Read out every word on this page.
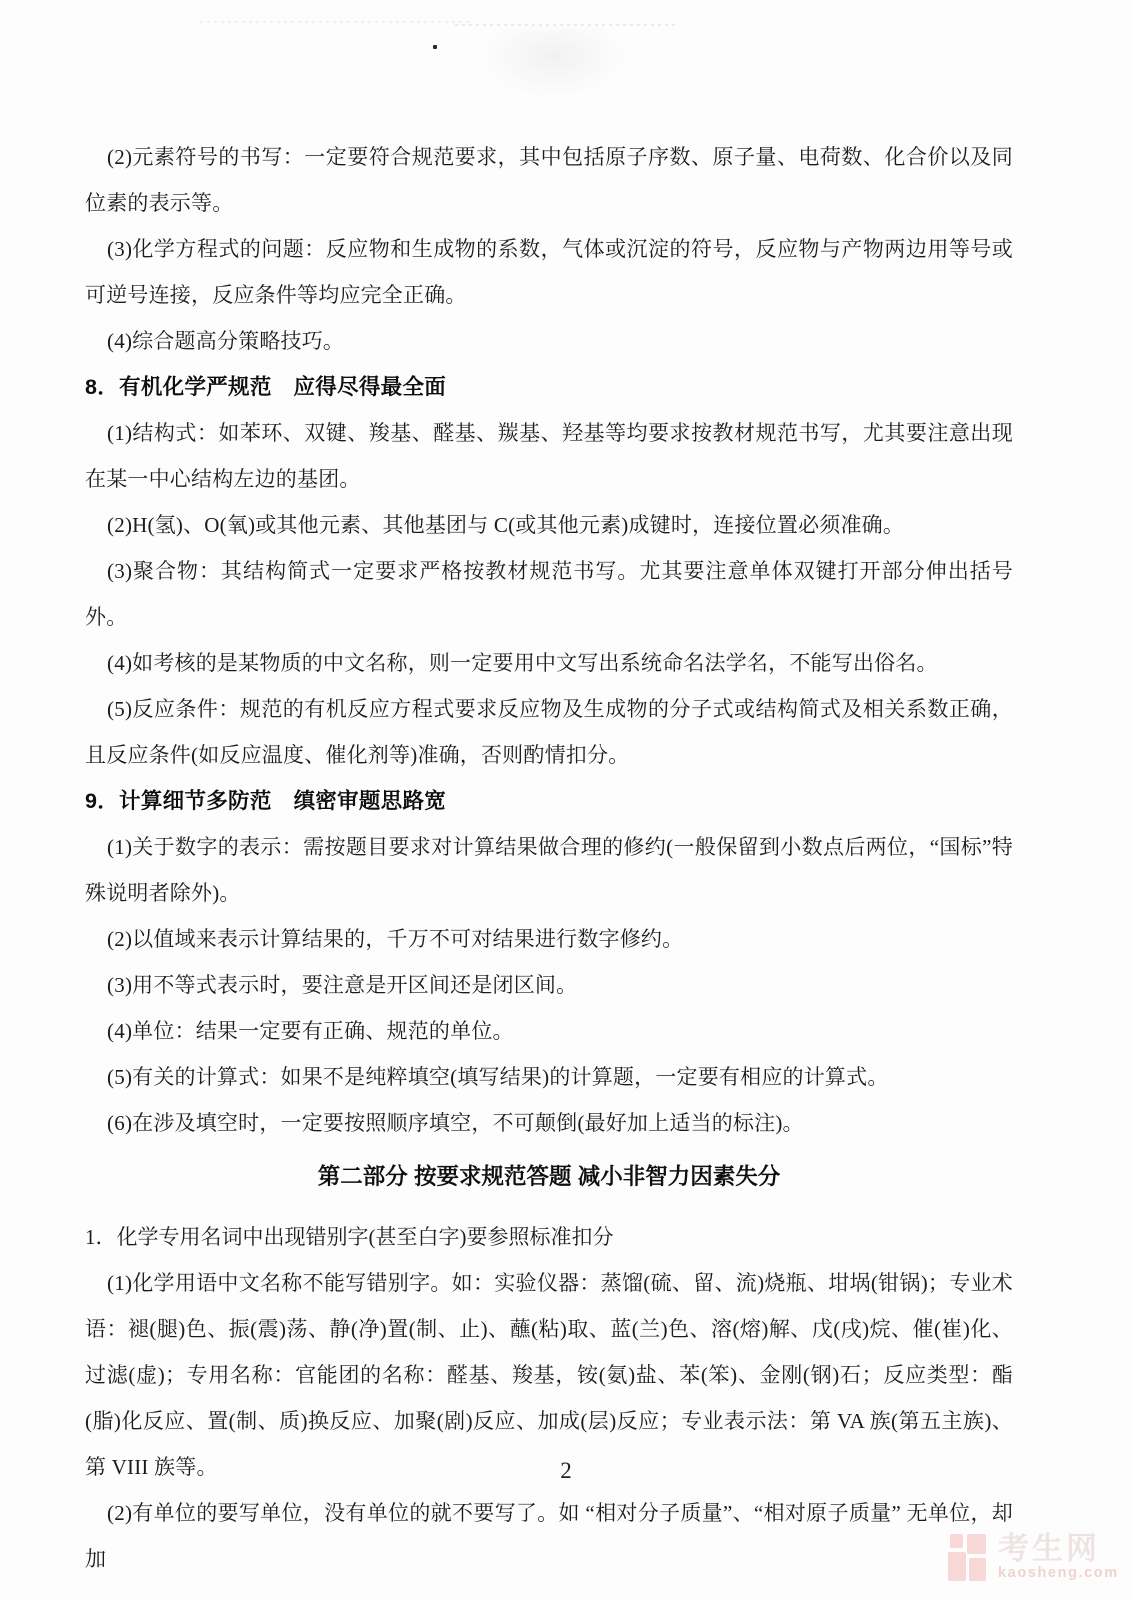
(2)元素符号的书写：一定要符合规范要求，其中包括原子序数、原子量、电荷数、化合价以及同位素的表示等。

(3)化学方程式的问题：反应物和生成物的系数，气体或沉淀的符号，反应物与产物两边用等号或可逆号连接，反应条件等均应完全正确。

(4)综合题高分策略技巧。

8．有机化学严规范　应得尽得最全面

(1)结构式：如苯环、双键、羧基、醛基、羰基、羟基等均要求按教材规范书写，尤其要注意出现在某一中心结构左边的基团。

(2)H(氢)、O(氧)或其他元素、其他基团与 C(或其他元素)成键时，连接位置必须准确。

(3)聚合物：其结构简式一定要求严格按教材规范书写。尤其要注意单体双键打开部分伸出括号外。

(4)如考核的是某物质的中文名称，则一定要用中文写出系统命名法学名，不能写出俗名。

(5)反应条件：规范的有机反应方程式要求反应物及生成物的分子式或结构简式及相关系数正确，且反应条件(如反应温度、催化剂等)准确，否则酌情扣分。

9．计算细节多防范　缜密审题思路宽

(1)关于数字的表示：需按题目要求对计算结果做合理的修约(一般保留到小数点后两位，“国标”特殊说明者除外)。

(2)以值域来表示计算结果的，千万不可对结果进行数字修约。

(3)用不等式表示时，要注意是开区间还是闭区间。

(4)单位：结果一定要有正确、规范的单位。

(5)有关的计算式：如果不是纯粹填空(填写结果)的计算题，一定要有相应的计算式。

(6)在涉及填空时，一定要按照顺序填空，不可颠倒(最好加上适当的标注)。

第二部分 按要求规范答题 减小非智力因素失分

1．化学专用名词中出现错别字(甚至白字)要参照标准扣分

(1)化学用语中文名称不能写错别字。如：实验仪器：蒸馏(硫、留、流)烧瓶、坩埚(钳锅)；专业术语：褪(腿)色、振(震)荡、静(净)置(制、止)、蘸(粘)取、蓝(兰)色、溶(熔)解、戊(戌)烷、催(崔)化、过滤(虚)；专用名称：官能团的名称：醛基、羧基，铵(氨)盐、苯(笨)、金刚(钢)石；反应类型：酯(脂)化反应、置(制、质)换反应、加聚(剧)反应、加成(层)反应；专业表示法：第 VA 族(第五主族)、第 VIII 族等。

(2)有单位的要写单位，没有单位的就不要写了。如 “相对分子质量”、“相对原子质量” 无单位，却加

2
考生网
kaosheng.com
